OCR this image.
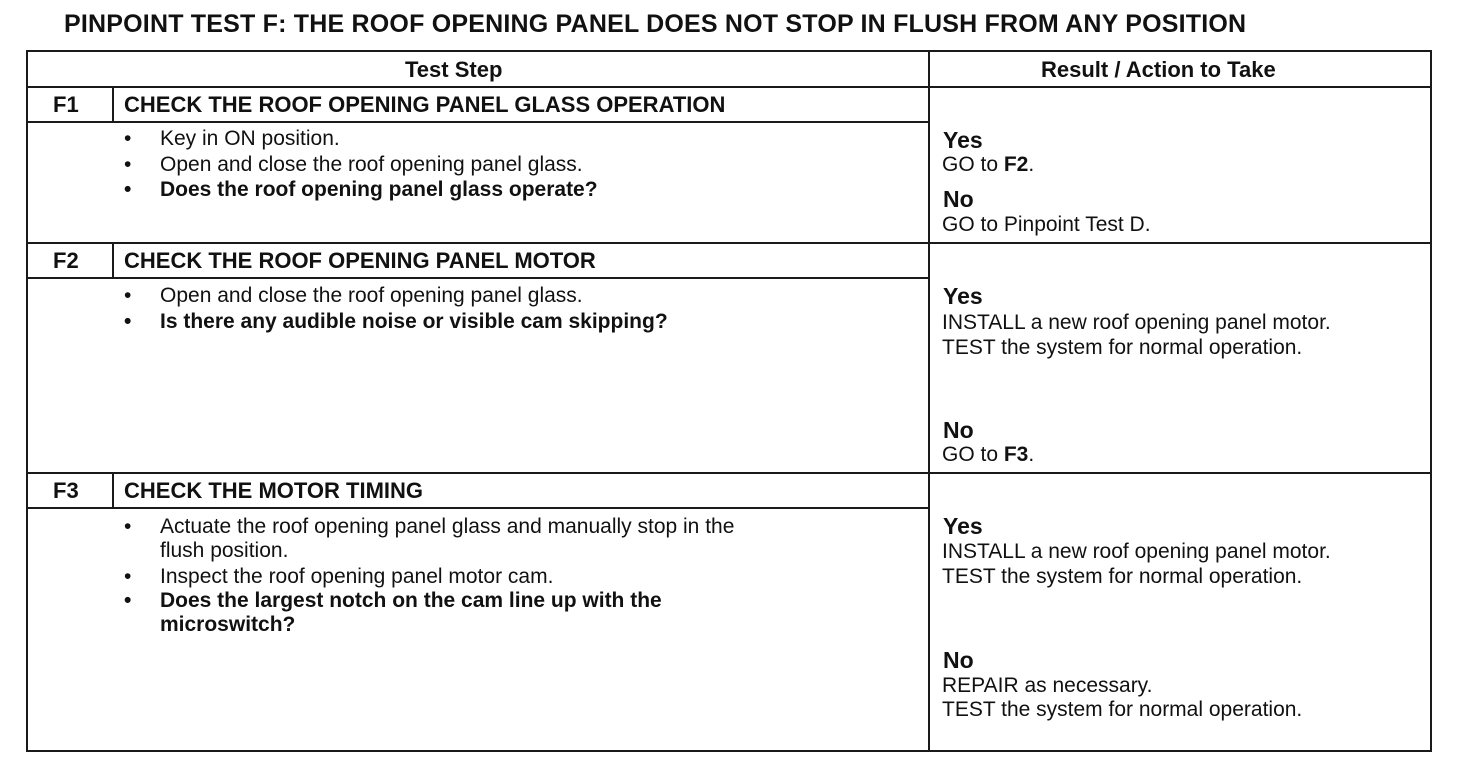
PINPOINT TEST F: THE ROOF OPENING PANEL DOES NOT STOP IN FLUSH FROM ANY POSITION
Test Step	Result / Action to Take
F1 CHECK THE ROOF OPENING PANEL GLASS OPERATION
• Key in ON position.
• Open and close the roof opening panel glass.
• Does the roof opening panel glass operate?
Yes
GO to F2.
No
GO to Pinpoint Test D.
F2 CHECK THE ROOF OPENING PANEL MOTOR
• Open and close the roof opening panel glass.
• Is there any audible noise or visible cam skipping?
Yes
INSTALL a new roof opening panel motor.
TEST the system for normal operation.
No
GO to F3.
F3 CHECK THE MOTOR TIMING
• Actuate the roof opening panel glass and manually stop in the
flush position.
• Inspect the roof opening panel motor cam.
• Does the largest notch on the cam line up with the
microswitch?
Yes
INSTALL a new roof opening panel motor.
TEST the system for normal operation.
No
REPAIR as necessary.
TEST the system for normal operation.
